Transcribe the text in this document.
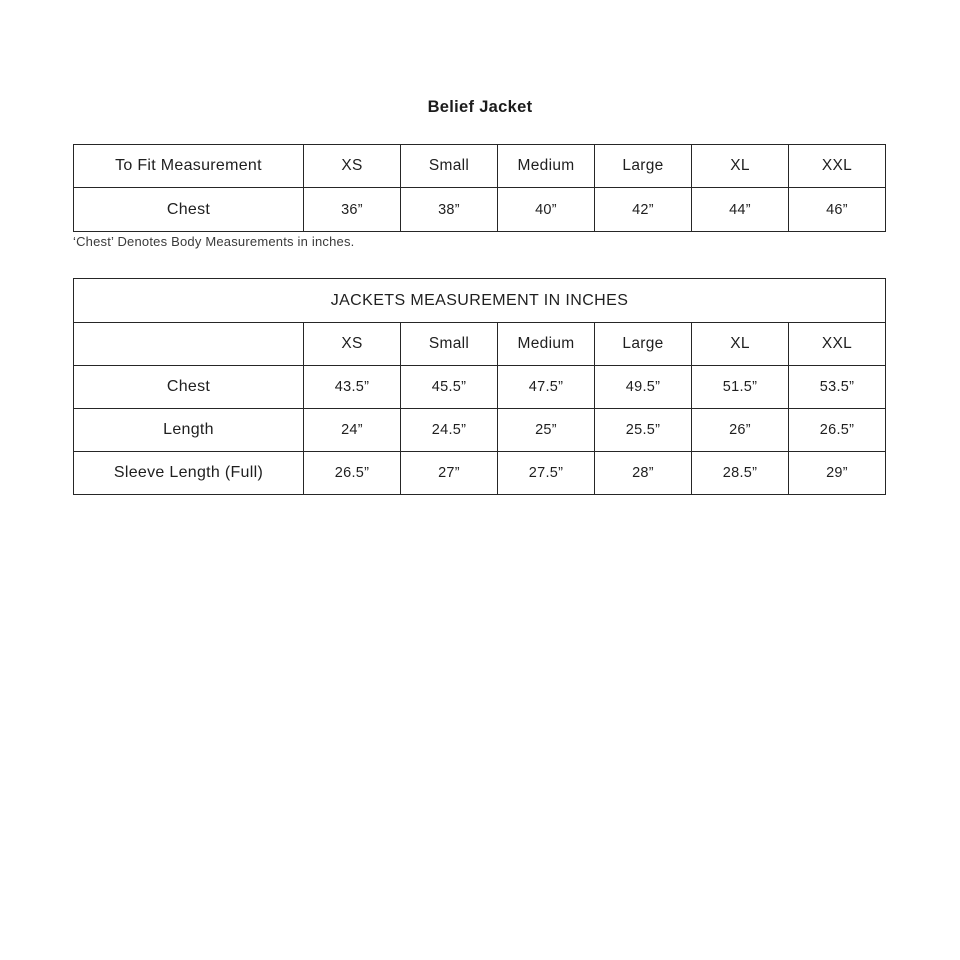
Belief Jacket
To Fit Measurement	XS	Small	Medium	Large	XL	XXL
Chest	36”	38”	40”	42”	44”	46”
‘Chest’ Denotes Body Measurements in inches.
JACKETS MEASUREMENT IN INCHES						
	XS	Small	Medium	Large	XL	XXL
Chest	43.5”	45.5”	47.5”	49.5”	51.5”	53.5”
Length	24”	24.5”	25”	25.5”	26”	26.5”
Sleeve Length (Full)	26.5”	27”	27.5”	28”	28.5”	29”
